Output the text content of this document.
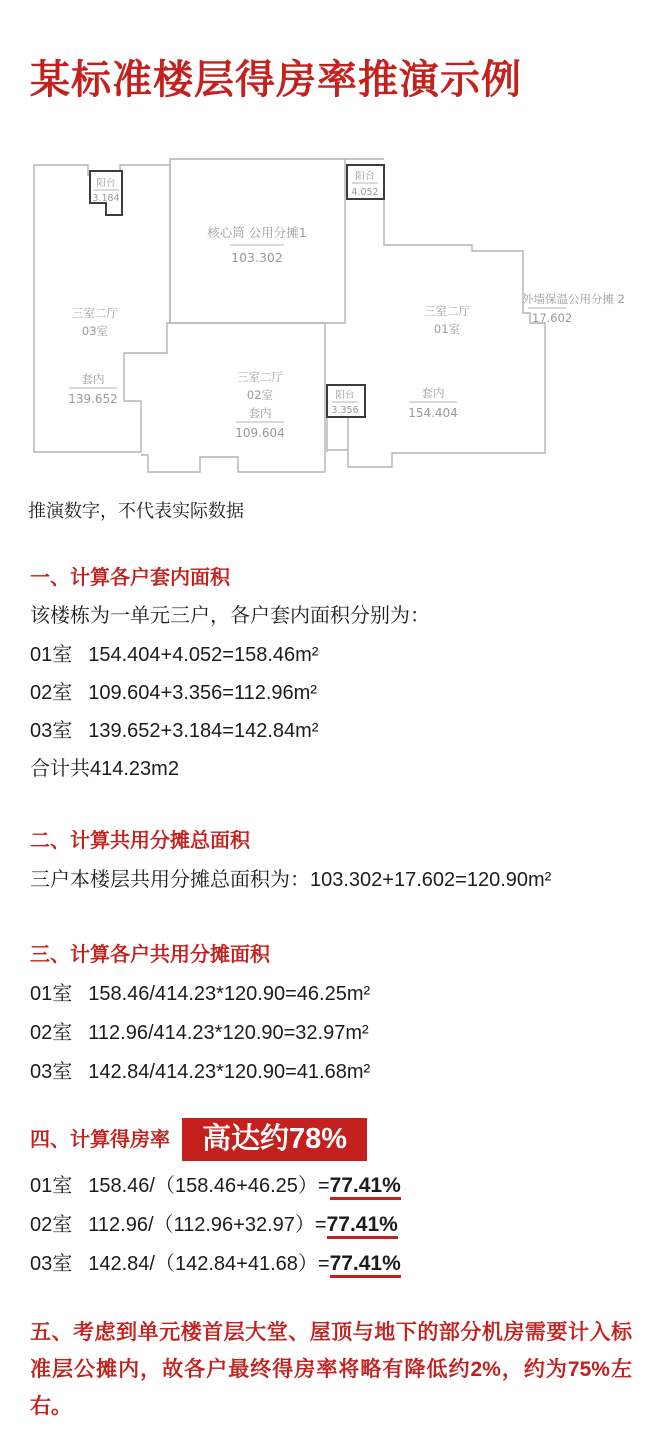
某标准楼层得房率推演示例
核心筒 公用分摊1
103.302
外墙保温公用分摊 2
17.602
三室二厅
03室
套内
139.652
三室二厅
02室
套内
109.604
三室二厅
01室
套内
154.404
阳台
3.184
阳台
4.052
阳台
3.356
推演数字，不代表实际数据
一、计算各户套内面积
该楼栋为一单元三户，各户套内面积分别为：
01室 154.404+4.052=158.46m²
02室 109.604+3.356=112.96m²
03室 139.652+3.184=142.84m²
合计共414.23m2
二、计算共用分摊总面积
三户本楼层共用分摊总面积为：103.302+17.602=120.90m²
三、计算各户共用分摊面积
01室 158.46/414.23*120.90=46.25m²
02室 112.96/414.23*120.90=32.97m²
03室 142.84/414.23*120.90=41.68m²
四、计算得房率	高达约78%
01室 158.46/（158.46+46.25）=77.41%
02室 112.96/（112.96+32.97）=77.41%
03室 142.84/（142.84+41.68）=77.41%
五、考虑到单元楼首层大堂、屋顶与地下的部分机房需要计入标准层公摊内，故各户最终得房率将略有降低约2%，约为75%左右。
